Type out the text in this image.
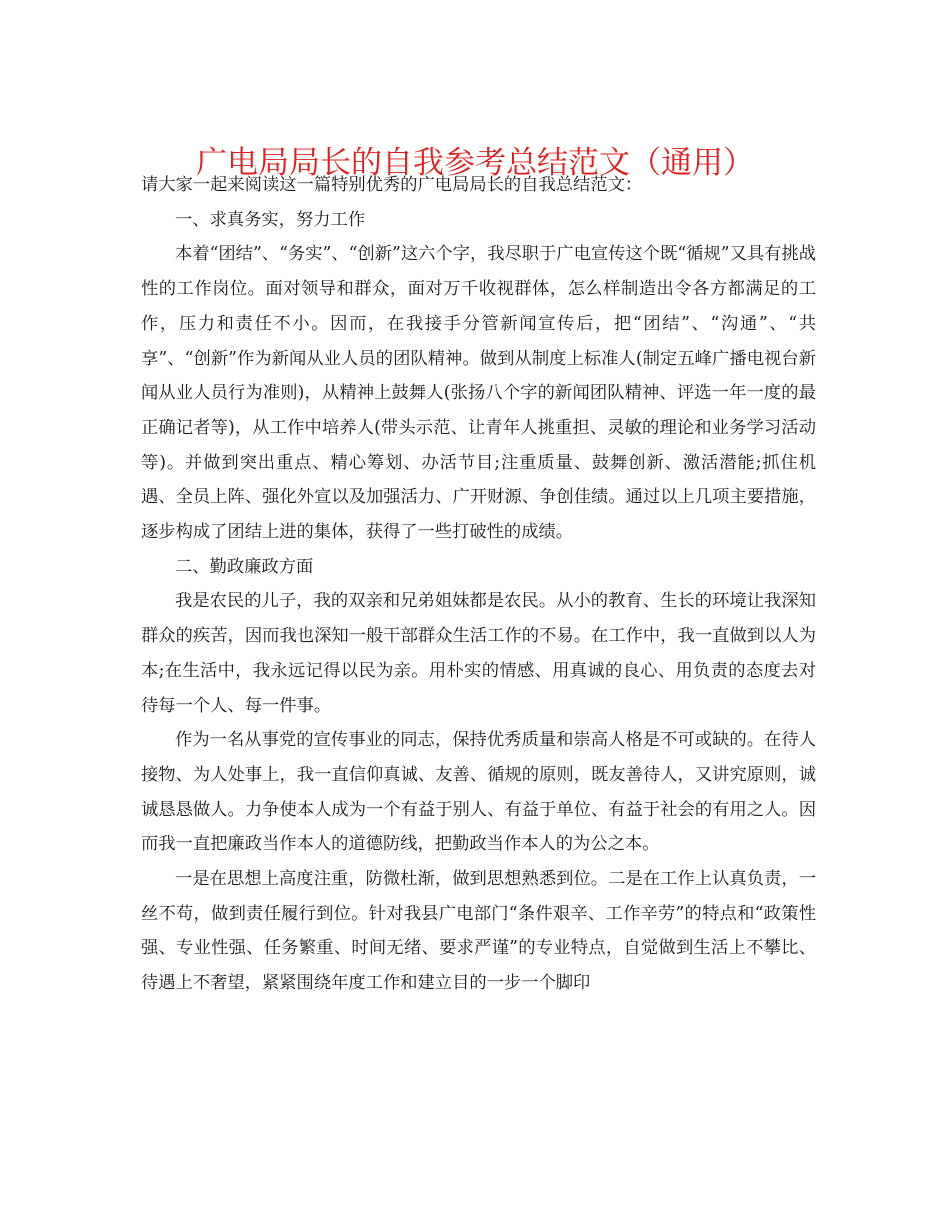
广电局局长的自我参考总结范文（通用）

请大家一起来阅读这一篇特别优秀的广电局局长的自我总结范文：

一、求真务实，努力工作

本着“团结”、“务实”、“创新”这六个字，我尽职于广电宣传这个既“循规”又具有挑战性的工作岗位。面对领导和群众，面对万千收视群体，怎么样制造出令各方都满足的工作，压力和责任不小。因而，在我接手分管新闻宣传后，把“团结”、“沟通”、“共享”、“创新”作为新闻从业人员的团队精神。做到从制度上标准人(制定五峰广播电视台新闻从业人员行为准则)，从精神上鼓舞人(张扬八个字的新闻团队精神、评选一年一度的最正确记者等)，从工作中培养人(带头示范、让青年人挑重担、灵敏的理论和业务学习活动等)。并做到突出重点、精心筹划、办活节目;注重质量、鼓舞创新、激活潜能;抓住机遇、全员上阵、强化外宣以及加强活力、广开财源、争创佳绩。通过以上几项主要措施，逐步构成了团结上进的集体，获得了一些打破性的成绩。

二、勤政廉政方面

我是农民的儿子，我的双亲和兄弟姐妹都是农民。从小的教育、生长的环境让我深知群众的疾苦，因而我也深知一般干部群众生活工作的不易。在工作中，我一直做到以人为本;在生活中，我永远记得以民为亲。用朴实的情感、用真诚的良心、用负责的态度去对待每一个人、每一件事。

作为一名从事党的宣传事业的同志，保持优秀质量和崇高人格是不可或缺的。在待人接物、为人处事上，我一直信仰真诚、友善、循规的原则，既友善待人，又讲究原则，诚诚恳恳做人。力争使本人成为一个有益于别人、有益于单位、有益于社会的有用之人。因而我一直把廉政当作本人的道德防线，把勤政当作本人的为公之本。

一是在思想上高度注重，防微杜渐，做到思想熟悉到位。二是在工作上认真负责，一丝不苟，做到责任履行到位。针对我县广电部门“条件艰辛、工作辛劳”的特点和“政策性强、专业性强、任务繁重、时间无绪、要求严谨”的专业特点，自觉做到生活上不攀比、待遇上不奢望，紧紧围绕年度工作和建立目的一步一个脚印
